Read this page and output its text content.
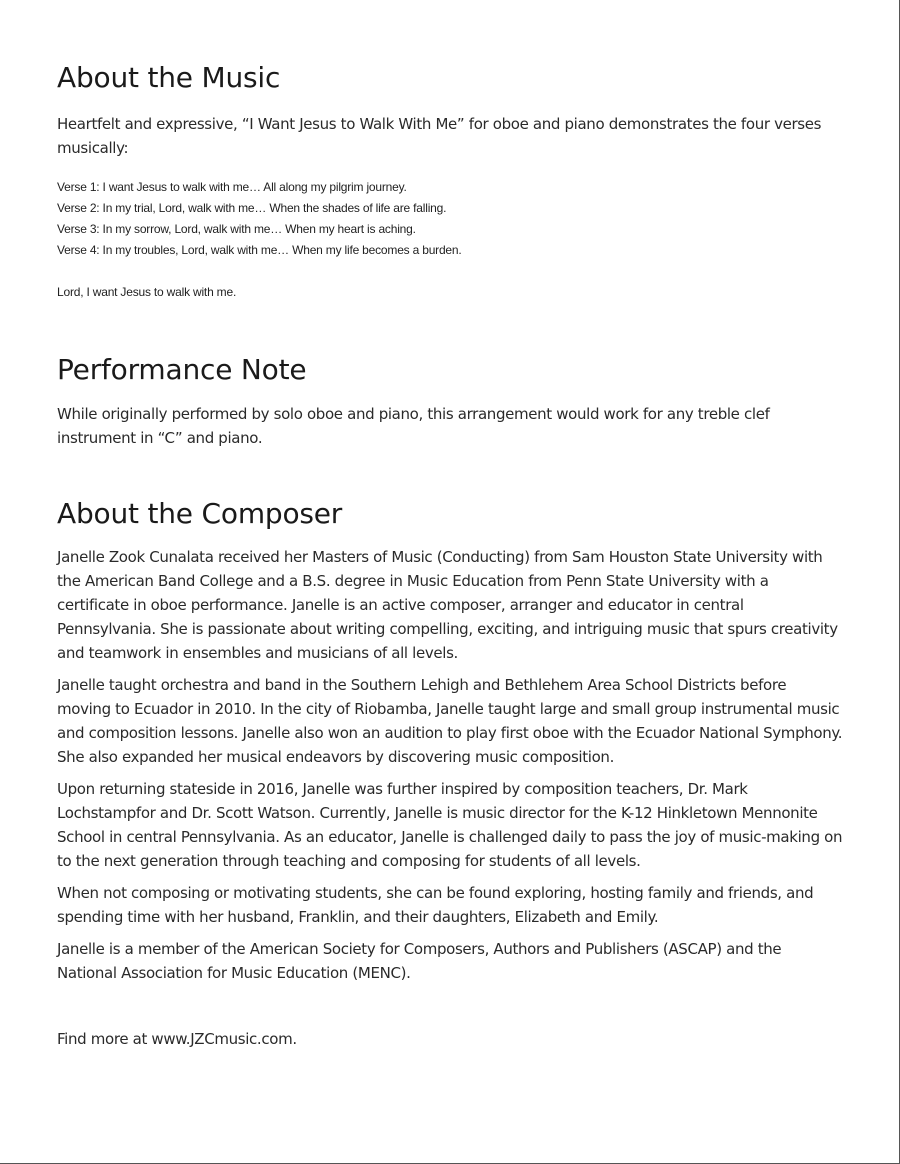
About the Music

Heartfelt and expressive, “I Want Jesus to Walk With Me” for oboe and piano demonstrates the four verses musically:

Verse 1: I want Jesus to walk with me… All along my pilgrim journey.
Verse 2: In my trial, Lord, walk with me… When the shades of life are falling.
Verse 3: In my sorrow, Lord, walk with me… When my heart is aching.
Verse 4: In my troubles, Lord, walk with me… When my life becomes a burden.
Lord, I want Jesus to walk with me.
Performance Note

While originally performed by solo oboe and piano, this arrangement would work for any treble clef instrument in “C” and piano.

About the Composer

Janelle Zook Cunalata received her Masters of Music (Conducting) from Sam Houston State University with the American Band College and a B.S. degree in Music Education from Penn State University with a certificate in oboe performance. Janelle is an active composer, arranger and educator in central Pennsylvania. She is passionate about writing compelling, exciting, and intriguing music that spurs creativity and teamwork in ensembles and musicians of all levels.

Janelle taught orchestra and band in the Southern Lehigh and Bethlehem Area School Districts before moving to Ecuador in 2010. In the city of Riobamba, Janelle taught large and small group instrumental music and composition lessons. Janelle also won an audition to play first oboe with the Ecuador National Symphony. She also expanded her musical endeavors by discovering music composition.

Upon returning stateside in 2016, Janelle was further inspired by composition teachers, Dr. Mark Lochstampfor and Dr. Scott Watson. Currently, Janelle is music director for the K-12 Hinkletown Mennonite School in central Pennsylvania. As an educator, Janelle is challenged daily to pass the joy of music-making on to the next generation through teaching and composing for students of all levels.

When not composing or motivating students, she can be found exploring, hosting family and friends, and spending time with her husband, Franklin, and their daughters, Elizabeth and Emily.

Janelle is a member of the American Society for Composers, Authors and Publishers (ASCAP) and the National Association for Music Education (MENC).

Find more at www.JZCmusic.com.
